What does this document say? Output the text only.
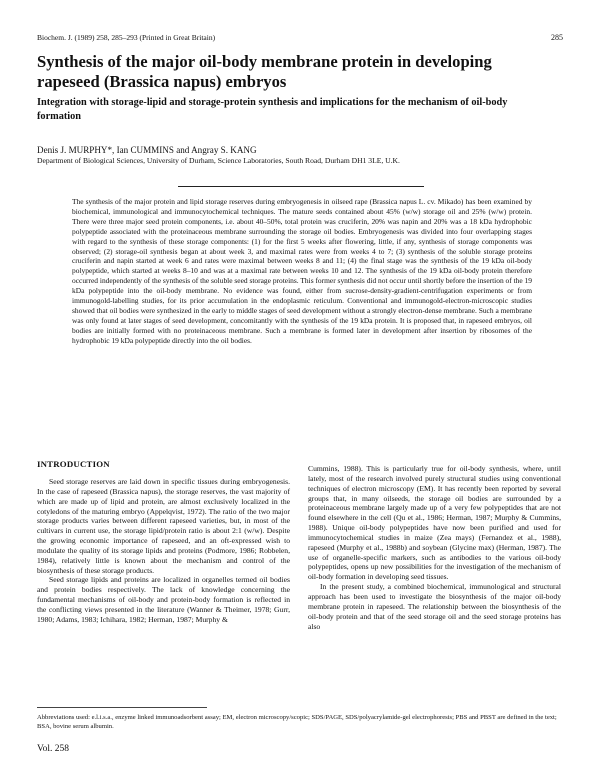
Biochem. J. (1989) 258, 285–293 (Printed in Great Britain)	285
Synthesis of the major oil-body membrane protein in developing rapeseed (Brassica napus) embryos
Integration with storage-lipid and storage-protein synthesis and implications for the mechanism of oil-body formation
Denis J. MURPHY*, Ian CUMMINS and Angray S. KANG
Department of Biological Sciences, University of Durham, Science Laboratories, South Road, Durham DH1 3LE, U.K.
The synthesis of the major protein and lipid storage reserves during embryogenesis in oilseed rape (Brassica napus L. cv. Mikado) has been examined by biochemical, immunological and immunocytochemical techniques. The mature seeds contained about 45% (w/w) storage oil and 25% (w/w) protein. There were three major seed protein components, i.e. about 40–50%, total protein was cruciferin, 20% was napin and 20% was a 18 kDa hydrophobic polypeptide associated with the proteinaceous membrane surrounding the storage oil bodies. Embryogenesis was divided into four overlapping stages with regard to the synthesis of these storage components: (1) for the first 5 weeks after flowering, little, if any, synthesis of storage components was observed; (2) storage-oil synthesis began at about week 3, and maximal rates were from weeks 4 to 7; (3) synthesis of the soluble storage proteins cruciferin and napin started at week 6 and rates were maximal between weeks 8 and 11; (4) the final stage was the synthesis of the 19 kDa oil-body polypeptide, which started at weeks 8–10 and was at a maximal rate between weeks 10 and 12. The synthesis of the 19 kDa oil-body protein therefore occurred independently of the synthesis of the soluble seed storage proteins. This former synthesis did not occur until shortly before the insertion of the 19 kDa polypeptide into the oil-body membrane. No evidence was found, either from sucrose-density-gradient-centrifugation experiments or from immunogold-labelling studies, for its prior accumulation in the endoplasmic reticulum. Conventional and immunogold-electron-microscopic studies showed that oil bodies were synthesized in the early to middle stages of seed development without a strongly electron-dense membrane. Such a membrane was only found at later stages of seed development, concomitantly with the synthesis of the 19 kDa protein. It is proposed that, in rapeseed embryos, oil bodies are initially formed with no proteinaceous membrane. Such a membrane is formed later in development after insertion by ribosomes of the hydrophobic 19 kDa polypeptide directly into the oil bodies.
INTRODUCTION

Seed storage reserves are laid down in specific tissues during embryogenesis. In the case of rapeseed (Brassica napus), the storage reserves, the vast majority of which are made up of lipid and protein, are almost exclusively localized in the cotyledons of the maturing embryo (Appelqvist, 1972). The ratio of the two major storage products varies between different rapeseed varieties, but, in most of the cultivars in current use, the storage lipid/protein ratio is about 2:1 (w/w). Despite the growing economic importance of rapeseed, and an oft-expressed wish to modulate the quality of its storage lipids and proteins (Podmore, 1986; Robbelen, 1984), relatively little is known about the mechanism and control of the biosynthesis of these storage products.

Seed storage lipids and proteins are localized in organelles termed oil bodies and protein bodies respectively. The lack of knowledge concerning the fundamental mechanisms of oil-body and protein-body formation is reflected in the conflicting views presented in the literature (Wanner & Theimer, 1978; Gurr, 1980; Adams, 1983; Ichihara, 1982; Herman, 1987; Murphy &

Cummins, 1988). This is particularly true for oil-body synthesis, where, until lately, most of the research involved purely structural studies using conventional techniques of electron microscopy (EM). It has recently been reported by several groups that, in many oilseeds, the storage oil bodies are surrounded by a proteinaceous membrane largely made up of a very few polypeptides that are not found elsewhere in the cell (Qu et al., 1986; Herman, 1987; Murphy & Cummins, 1988). Unique oil-body polypeptides have now been purified and used for immunocytochemical studies in maize (Zea mays) (Fernandez et al., 1988), rapeseed (Murphy et al., 1988b) and soybean (Glycine max) (Herman, 1987). The use of organelle-specific markers, such as antibodies to the various oil-body polypeptides, opens up new possibilities for the investigation of the mechanism of oil-body formation in developing seed tissues.

In the present study, a combined biochemical, immunological and structural approach has been used to investigate the biosynthesis of the major oil-body membrane protein in rapeseed. The relationship between the biosynthesis of the oil-body protein and that of the seed storage oil and the seed storage proteins has also

Abbreviations used: e.l.i.s.a., enzyme linked immunoadsorbent assay; EM, electron microscopy/scopic; SDS/PAGE, SDS/polyacrylamide-gel electrophoresis; PBS and PBST are defined in the text; BSA, bovine serum albumin.
Vol. 258
